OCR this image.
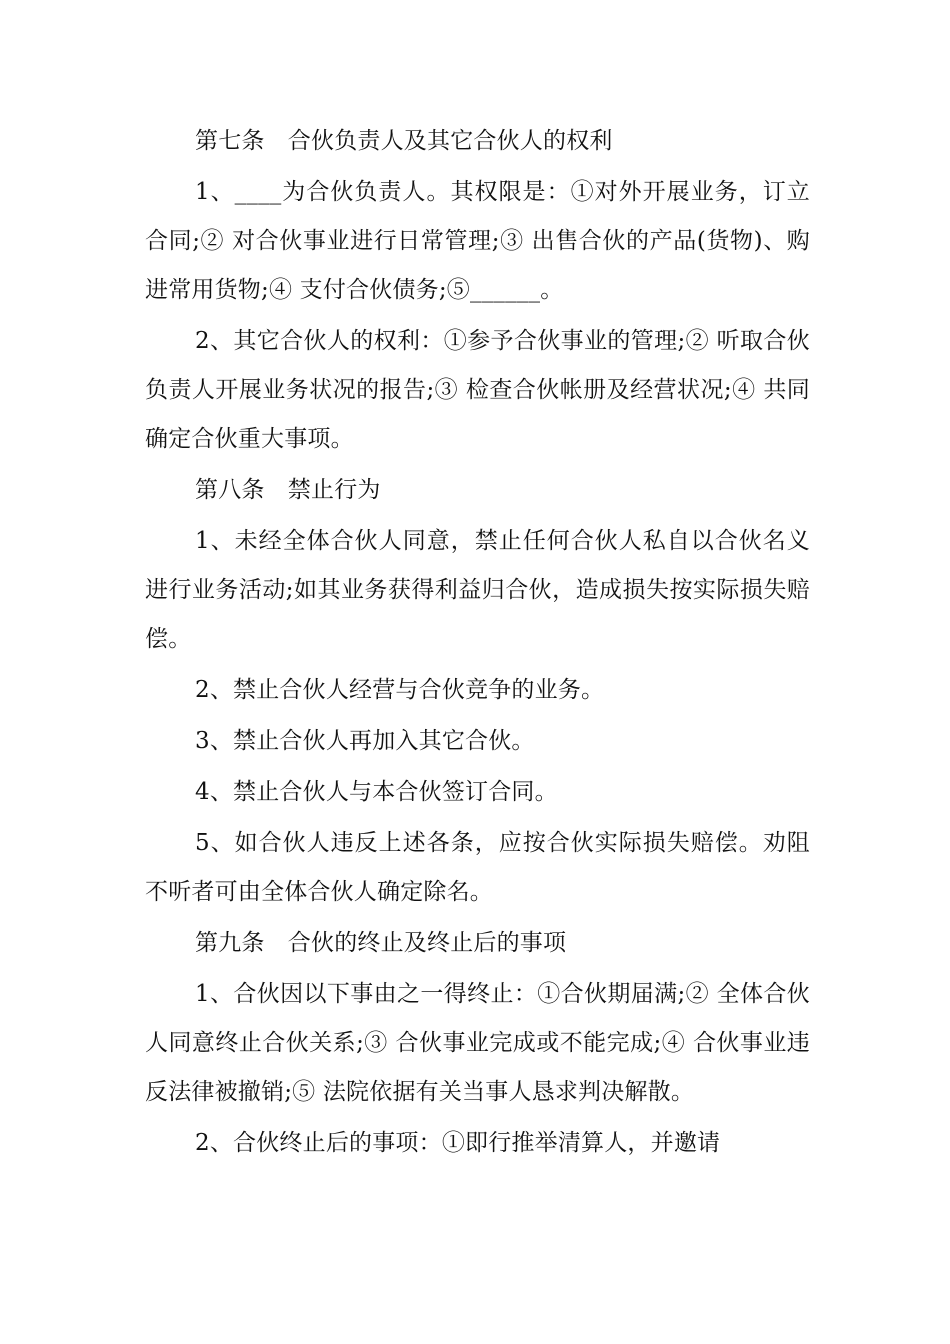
第七条　合伙负责人及其它合伙人的权利

1、____为合伙负责人。其权限是：①对外开展业务，订立合同;② 对合伙事业进行日常管理;③ 出售合伙的产品(货物)、购进常用货物;④ 支付合伙债务;⑤______。

2、其它合伙人的权利：①参予合伙事业的管理;② 听取合伙负责人开展业务状况的报告;③ 检查合伙帐册及经营状况;④ 共同确定合伙重大事项。

第八条　禁止行为

1、未经全体合伙人同意，禁止任何合伙人私自以合伙名义进行业务活动;如其业务获得利益归合伙，造成损失按实际损失赔偿。

2、禁止合伙人经营与合伙竞争的业务。

3、禁止合伙人再加入其它合伙。

4、禁止合伙人与本合伙签订合同。

5、如合伙人违反上述各条，应按合伙实际损失赔偿。劝阻不听者可由全体合伙人确定除名。

第九条　合伙的终止及终止后的事项

1、合伙因以下事由之一得终止：①合伙期届满;② 全体合伙人同意终止合伙关系;③ 合伙事业完成或不能完成;④ 合伙事业违反法律被撤销;⑤ 法院依据有关当事人恳求判决解散。

2、合伙终止后的事项：①即行推举清算人，并邀请
